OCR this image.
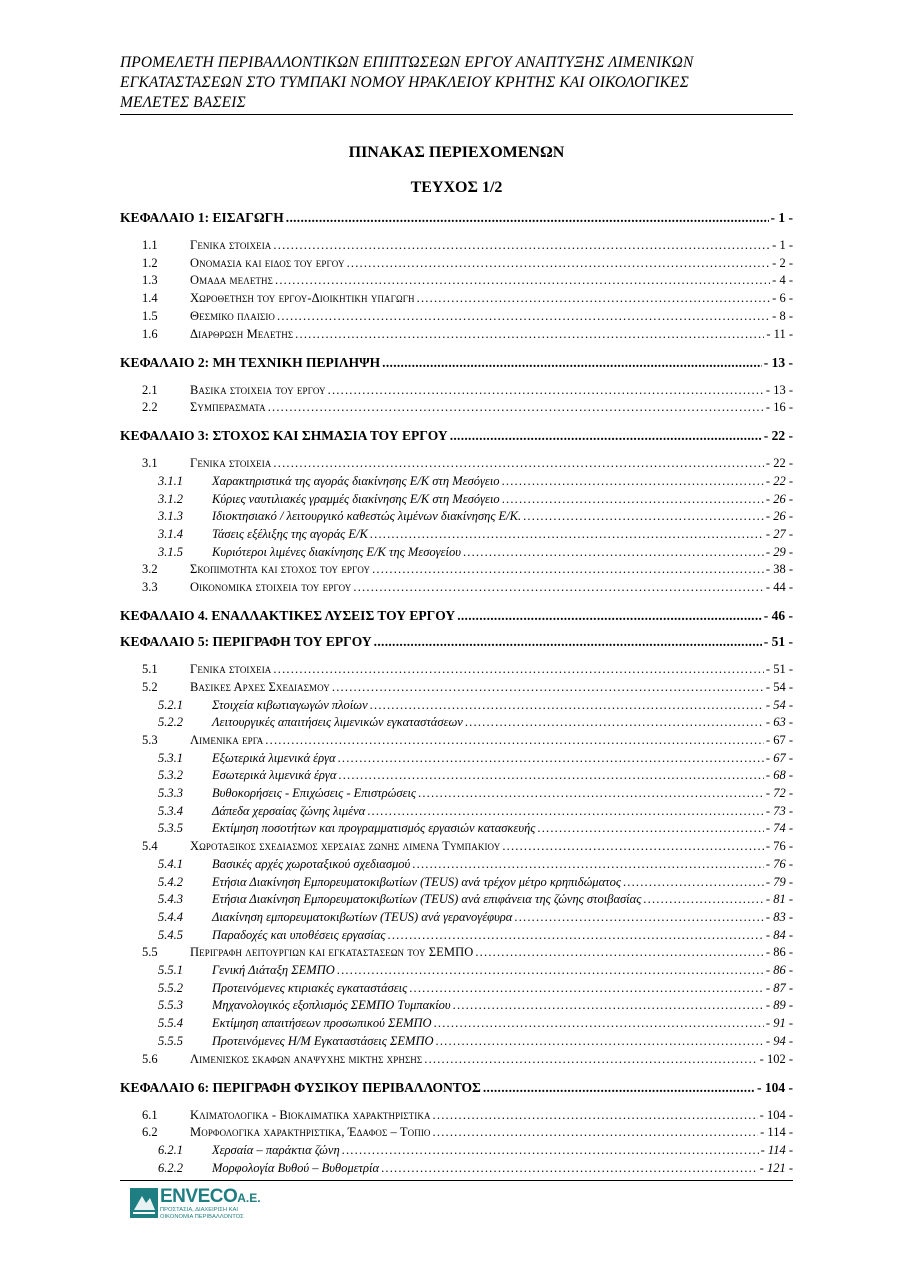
ΠΡΟΜΕΛΕΤΗ ΠΕΡΙΒΑΛΛΟΝΤΙΚΩΝ ΕΠΙΠΤΩΣΕΩΝ ΕΡΓΟΥ ΑΝΑΠΤΥΞΗΣ ΛΙΜΕΝΙΚΩΝ
ΕΓΚΑΤΑΣΤΑΣΕΩΝ ΣΤΟ ΤΥΜΠΑΚΙ ΝΟΜΟΥ ΗΡΑΚΛΕΙΟΥ ΚΡΗΤΗΣ ΚΑΙ ΟΙΚΟΛΟΓΙΚΕΣ
ΜΕΛΕΤΕΣ ΒΑΣΕΙΣ
ΠΙΝΑΚΑΣ ΠΕΡΙΕΧΟΜΕΝΩΝ
ΤΕΥΧΟΣ 1/2
ΚΕΦΑΛΑΙΟ 1: ΕΙΣΑΓΩΓΗ .....	- 1 -
1.1	Γενικα στοιχεια .....	- 1 -
1.2	Ονομασια και ειδος του εργου .....	- 2 -
1.3	Ομαδα μελετης .....	- 4 -
1.4	Χωροθετηση του εργου-Διοικητικη υπαγωγη .....	- 6 -
1.5	Θεσμικο πλαισιο .....	- 8 -
1.6	Διαρθρωση Μελετης .....	- 11 -
ΚΕΦΑΛΑΙΟ 2: ΜΗ ΤΕΧΝΙΚΗ ΠΕΡΙΛΗΨΗ .....	- 13 -
2.1	Βασικα στοιχεια του εργου .....	- 13 -
2.2	Συμπερασματα .....	- 16 -
ΚΕΦΑΛΑΙΟ 3: ΣΤΟΧΟΣ ΚΑΙ ΣΗΜΑΣΙΑ ΤΟΥ ΕΡΓΟΥ .....	- 22 -
3.1	Γενικα στοιχεια .....	- 22 -
3.1.1	Χαρακτηριστικά της αγοράς διακίνησης Ε/Κ στη Μεσόγειο .....	- 22 -
3.1.2	Κύριες ναυτιλιακές γραμμές διακίνησης Ε/Κ στη Μεσόγειο .....	- 26 -
3.1.3	Ιδιοκτησιακό / λειτουργικό καθεστώς λιμένων διακίνησης Ε/Κ. .....	- 26 -
3.1.4	Τάσεις εξέλιξης της αγοράς Ε/Κ .....	- 27 -
3.1.5	Κυριότεροι λιμένες διακίνησης Ε/Κ της Μεσογείου .....	- 29 -
3.2	Σκοπιμοτητα και στοχος του εργου .....	- 38 -
3.3	Οικονομικα στοιχεια του εργου .....	- 44 -
ΚΕΦΑΛΑΙΟ 4. ΕΝΑΛΛΑΚΤΙΚΕΣ ΛΥΣΕΙΣ ΤΟΥ ΕΡΓΟΥ .....	- 46 -
ΚΕΦΑΛΑΙΟ 5: ΠΕΡΙΓΡΑΦΗ ΤΟΥ ΕΡΓΟΥ .....	- 51 -
5.1	Γενικα στοιχεια .....	- 51 -
5.2	Βασικες Αρχες Σχεδιασμου .....	- 54 -
5.2.1	Στοιχεία κιβωτιαγωγών πλοίων .....	- 54 -
5.2.2	Λειτουργικές απαιτήσεις λιμενικών εγκαταστάσεων .....	- 63 -
5.3	Λιμενικα εργα .....	- 67 -
5.3.1	Εξωτερικά λιμενικά έργα .....	- 67 -
5.3.2	Εσωτερικά λιμενικά έργα .....	- 68 -
5.3.3	Βυθοκορήσεις - Επιχώσεις - Επιστρώσεις .....	- 72 -
5.3.4	Δάπεδα χερσαίας ζώνης λιμένα .....	- 73 -
5.3.5	Εκτίμηση ποσοτήτων και προγραμματισμός εργασιών κατασκευής .....	- 74 -
5.4	Χωροταξικος σχεδιασμος χερσαιας ζωνης λιμενα Τυμπακιου .....	- 76 -
5.4.1	Βασικές αρχές χωροταξικού σχεδιασμού .....	- 76 -
5.4.2	Ετήσια Διακίνηση Εμπορευματοκιβωτίων (TEUS) ανά τρέχον μέτρο κρηπιδώματος .....	- 79 -
5.4.3	Ετήσια Διακίνηση Εμπορευματοκιβωτίων (TEUS) ανά επιφάνεια της ζώνης στοιβασίας .....	- 81 -
5.4.4	Διακίνηση εμπορευματοκιβωτίων (TEUS) ανά γερανογέφυρα .....	- 83 -
5.4.5	Παραδοχές και υποθέσεις εργασίας .....	- 84 -
5.5	Περιγραφη λειτουργιων και εγκαταστασεων του ΣΕΜΠΟ .....	- 86 -
5.5.1	Γενική Διάταξη ΣΕΜΠΟ .....	- 86 -
5.5.2	Προτεινόμενες κτιριακές εγκαταστάσεις .....	- 87 -
5.5.3	Μηχανολογικός εξοπλισμός ΣΕΜΠΟ Τυμπακίου .....	- 89 -
5.5.4	Εκτίμηση απαιτήσεων προσωπικού ΣΕΜΠΟ .....	- 91 -
5.5.5	Προτεινόμενες Η/Μ Εγκαταστάσεις ΣΕΜΠΟ .....	- 94 -
5.6	Λιμενισκος σκαφων αναψυχης μικτης χρησης .....	- 102 -
ΚΕΦΑΛΑΙΟ 6: ΠΕΡΙΓΡΑΦΗ ΦΥΣΙΚΟΥ ΠΕΡΙΒΑΛΛΟΝΤΟΣ .....	- 104 -
6.1	Κλιματολογικα - Βιοκλιματικα χαρακτηριστικα .....	- 104 -
6.2	Μορφολογικα χαρακτηριστικα, Έδαφος – Τοπιο .....	- 114 -
6.2.1	Χερσαία – παράκτια ζώνη .....	- 114 -
6.2.2	Μορφολογία Βυθού – Βυθομετρία .....	- 121 -
ENVECOΑ.Ε.
ΠΡΟΣΤΑΣΙΑ, ΔΙΑΧΕΙΡΙΣΗ ΚΑΙ
ΟΙΚΟΝΟΜΙΑ ΠΕΡΙΒΑΛΛΟΝΤΟΣ
